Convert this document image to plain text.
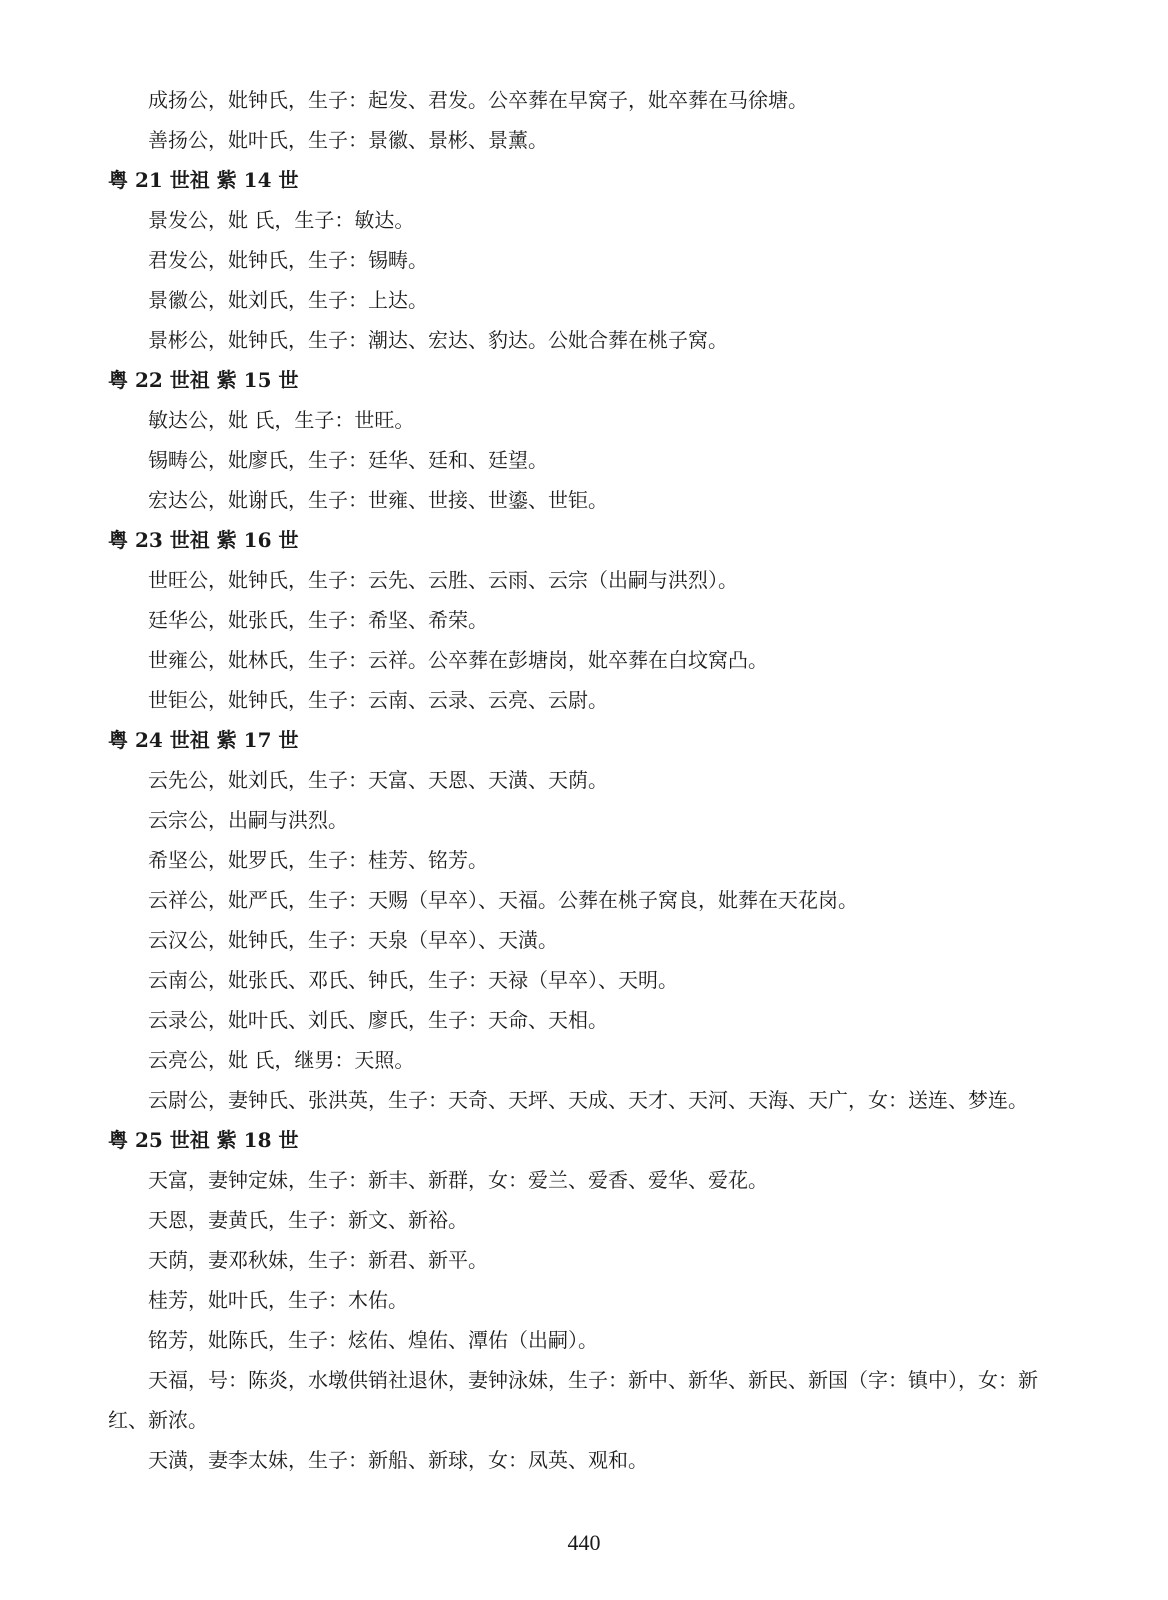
成扬公，妣钟氏，生子：起发、君发。公卒葬在早窝子，妣卒葬在马徐塘。
善扬公，妣叶氏，生子：景徽、景彬、景薰。
粤 21 世祖 紫 14 世
景发公，妣 氏，生子：敏达。
君发公，妣钟氏，生子：锡畴。
景徽公，妣刘氏，生子：上达。
景彬公，妣钟氏，生子：潮达、宏达、豹达。公妣合葬在桃子窝。
粤 22 世祖 紫 15 世
敏达公，妣 氏，生子：世旺。
锡畴公，妣廖氏，生子：廷华、廷和、廷望。
宏达公，妣谢氏，生子：世雍、世接、世鎏、世钜。
粤 23 世祖 紫 16 世
世旺公，妣钟氏，生子：云先、云胜、云雨、云宗（出嗣与洪烈）。
廷华公，妣张氏，生子：希坚、希荣。
世雍公，妣林氏，生子：云祥。公卒葬在彭塘岗，妣卒葬在白坟窝凸。
世钜公，妣钟氏，生子：云南、云录、云亮、云尉。
粤 24 世祖 紫 17 世
云先公，妣刘氏，生子：天富、天恩、天潢、天荫。
云宗公，出嗣与洪烈。
希坚公，妣罗氏，生子：桂芳、铭芳。
云祥公，妣严氏，生子：天赐（早卒）、天福。公葬在桃子窝良，妣葬在天花岗。
云汉公，妣钟氏，生子：天泉（早卒）、天潢。
云南公，妣张氏、邓氏、钟氏，生子：天禄（早卒）、天明。
云录公，妣叶氏、刘氏、廖氏，生子：天命、天相。
云亮公，妣 氏，继男：天照。
云尉公，妻钟氏、张洪英，生子：天奇、天坪、天成、天才、天河、天海、天广，女：送连、梦连。
粤 25 世祖 紫 18 世
天富，妻钟定妹，生子：新丰、新群，女：爱兰、爱香、爱华、爱花。
天恩，妻黄氏，生子：新文、新裕。
天荫，妻邓秋妹，生子：新君、新平。
桂芳，妣叶氏，生子：木佑。
铭芳，妣陈氏，生子：炫佑、煌佑、潭佑（出嗣）。
天福，号：陈炎，水墩供销社退休，妻钟泳妹，生子：新中、新华、新民、新国（字：镇中），女：新红、新浓。
天潢，妻李太妹，生子：新船、新球，女：凤英、观和。
440
